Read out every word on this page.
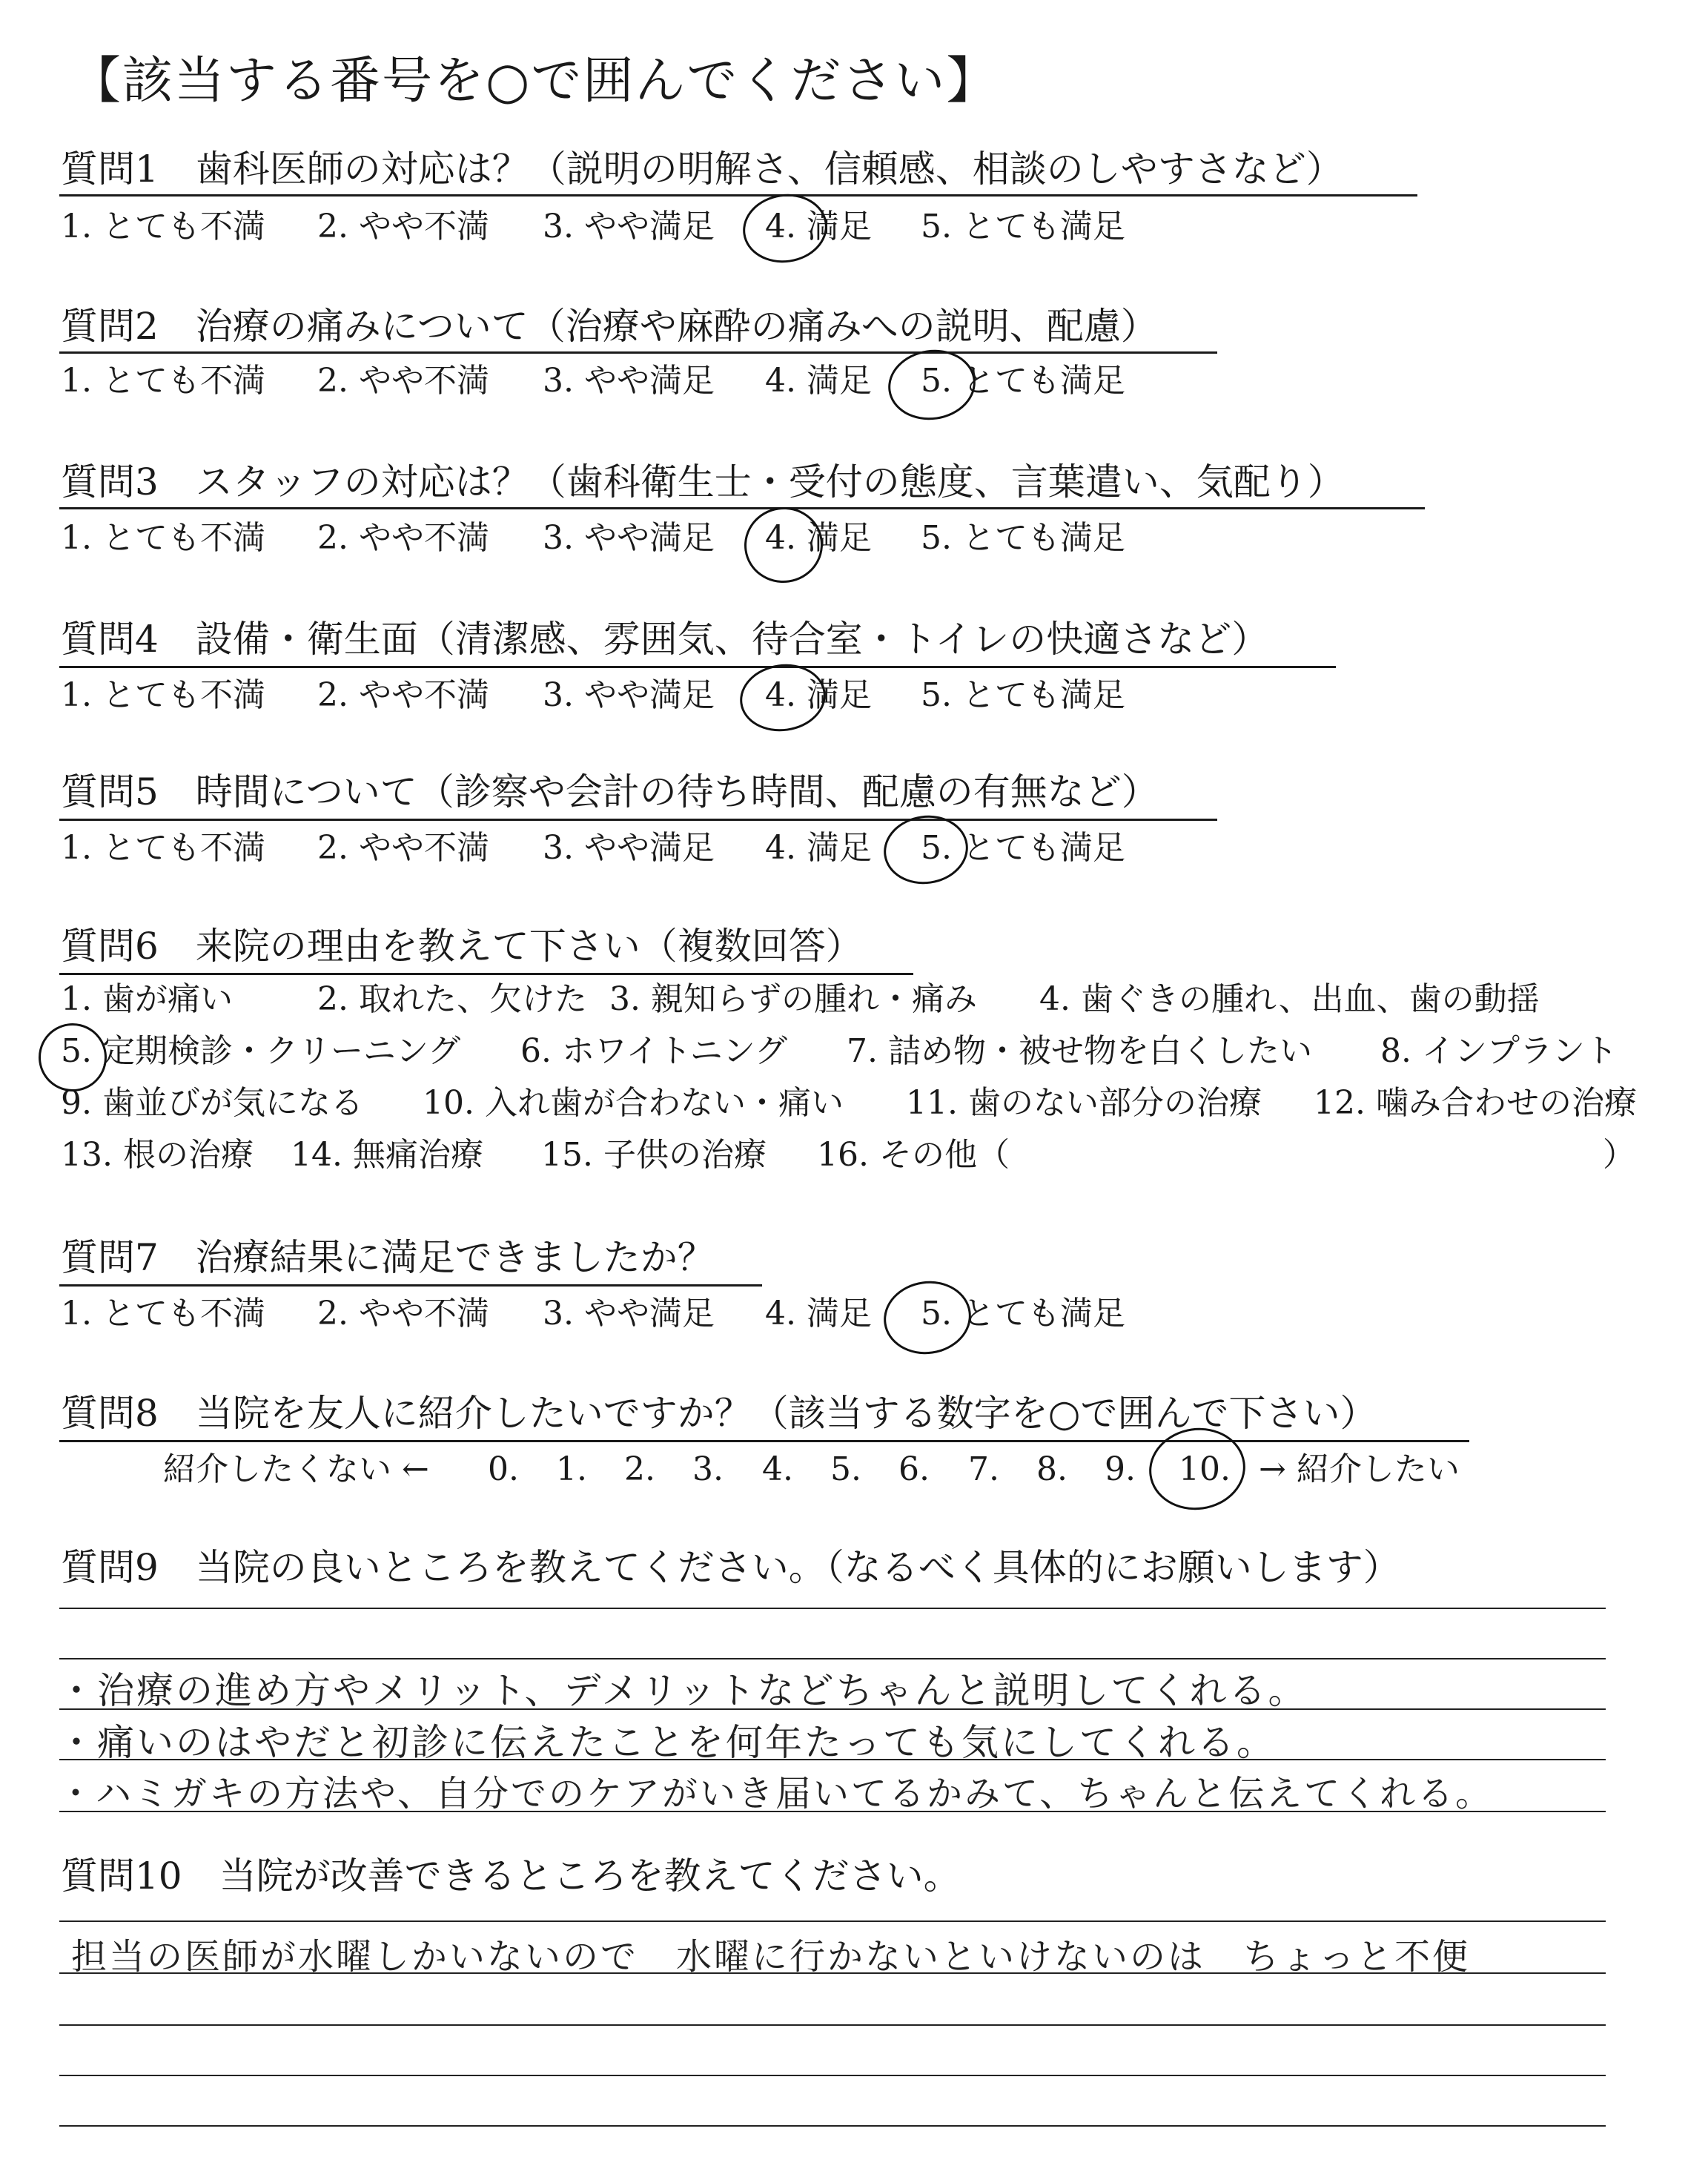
【該当する番号を○で囲んでください】
質問1　歯科医師の対応は？（説明の明解さ、信頼感、相談のしやすさなど）
1. とても不満 2. やや不満 3. やや満足 4. 満足 5. とても満足
質問2　治療の痛みについて（治療や麻酔の痛みへの説明、配慮）
1. とても不満 2. やや不満 3. やや満足 4. 満足 5. とても満足
質問3　スタッフの対応は？（歯科衛生士・受付の態度、言葉遣い、気配り）
1. とても不満 2. やや不満 3. やや満足 4. 満足 5. とても満足
質問4　設備・衛生面（清潔感、雰囲気、待合室・トイレの快適さなど）
1. とても不満 2. やや不満 3. やや満足 4. 満足 5. とても満足
質問5　時間について（診察や会計の待ち時間、配慮の有無など）
1. とても不満 2. やや不満 3. やや満足 4. 満足 5. とても満足
質問6　来院の理由を教えて下さい（複数回答）
1. 歯が痛い	2. 取れた、欠けた 3. 親知らずの腫れ・痛み 4. 歯ぐきの腫れ、出血、歯の動揺
5. 定期検診・クリーニング 6. ホワイトニング 7. 詰め物・被せ物を白くしたい 8. インプラント
9. 歯並びが気になる 10. 入れ歯が合わない・痛い 11. 歯のない部分の治療 12. 噛み合わせの治療
13. 根の治療 14. 無痛治療 15. 子供の治療 16. その他（	）
質問7　治療結果に満足できましたか？
1. とても不満 2. やや不満 3. やや満足 4. 満足 5. とても満足
質問8　当院を友人に紹介したいですか？（該当する数字を○で囲んで下さい）
紹介したくない ← 0. 1. 2. 3. 4. 5. 6. 7. 8. 9. 10. → 紹介したい
質問9　当院の良いところを教えてください。（なるべく具体的にお願いします）
・治療の進め方やメリット、デメリットなどちゃんと説明してくれる。
・痛いのはやだと初診に伝えたことを何年たっても気にしてくれる。
・ハミガキの方法や、自分でのケアがいき届いてるかみて、ちゃんと伝えてくれる。
質問10　当院が改善できるところを教えてください。
担当の医師が水曜しかいないので　水曜に行かないといけないのは　ちょっと不便
